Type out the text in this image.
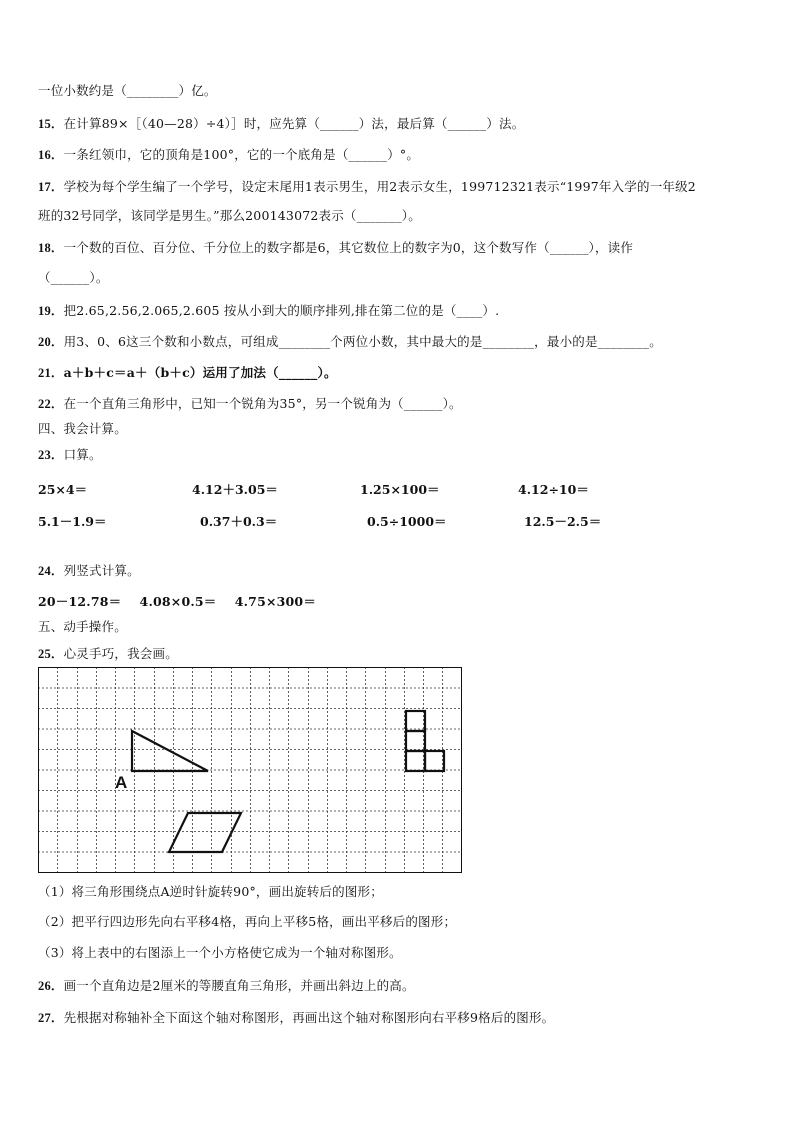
一位小数约是（________）亿。
15．在计算89×［（40—28）÷4）］时，应先算（______）法，最后算（______）法。
16．一条红领巾，它的顶角是100°，它的一个底角是（______）°。
17．学校为每个学生编了一个学号，设定末尾用1表示男生，用2表示女生，199712321表示“1997年入学的一年级2
班的32号同学，该同学是男生。”那么200143072表示（_______）。
18．一个数的百位、百分位、千分位上的数字都是6，其它数位上的数字为0，这个数写作（______），读作
（______）。
19．把2.65,2.56,2.065,2.605 按从小到大的顺序排列,排在第二位的是（____）.
20．用3、0、6这三个数和小数点，可组成________个两位小数，其中最大的是________，最小的是________。
21．a＋b＋c＝a＋（b＋c）运用了加法（______）。
22．在一个直角三角形中，已知一个锐角为35°，另一个锐角为（______）。
四、我会计算。
23．口算。
25×4＝	4.12＋3.05＝	1.25×100＝	4.12÷10＝
5.1－1.9＝	0.37＋0.3＝	0.5÷1000＝	12.5－2.5＝
24．列竖式计算。
20－12.78＝    4.08×0.5＝    4.75×300＝
五、动手操作。
25．心灵手巧，我会画。
A
（1）将三角形围绕点A逆时针旋转90°，画出旋转后的图形；
（2）把平行四边形先向右平移4格，再向上平移5格，画出平移后的图形；
（3）将上表中的右图添上一个小方格使它成为一个轴对称图形。
26．画一个直角边是2厘米的等腰直角三角形，并画出斜边上的高。
27．先根据对称轴补全下面这个轴对称图形，再画出这个轴对称图形向右平移9格后的图形。
